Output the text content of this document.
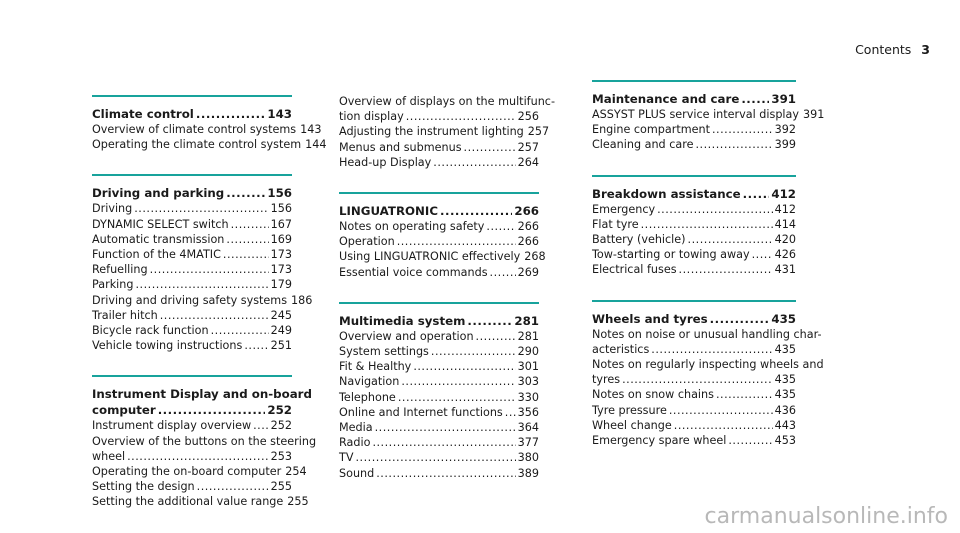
Contents 3
Climate control .....	143
Overview of climate control systems 143
Operating the climate control system 144
Driving and parking .....	156
Driving .....	156
DYNAMIC SELECT switch .....	167
Automatic transmission .....	169
Function of the 4MATIC .....	173
Refuelling .....	173
Parking .....	179
Driving and driving safety systems 186
Trailer hitch .....	245
Bicycle rack function .....	249
Vehicle towing instructions .....	251
Instrument Display and on-board
computer .....	252
Instrument display overview ..... 252
Overview of the buttons on the steering
wheel .....	253
Operating the on-board computer 254
Setting the design .....	255
Setting the additional value range 255
Overview of displays on the multifunc-
tion display .....	256
Adjusting the instrument lighting 257
Menus and submenus .....	257
Head-up Display .....	264
LINGUATRONIC .....	266
Notes on operating safety .....	266
Operation .....	266
Using LINGUATRONIC effectively 268
Essential voice commands .....	269
Multimedia system .....	281
Overview and operation .....	281
System settings .....	290
Fit & Healthy .....	301
Navigation .....	303
Telephone .....	330
Online and Internet functions ..... 356
Media .....	364
Radio .....	377
TV .....	380
Sound .....	389
Maintenance and care .....	391
ASSYST PLUS service interval display 391
Engine compartment .....	392
Cleaning and care .....	399
Breakdown assistance .....	412
Emergency .....	412
Flat tyre .....	414
Battery (vehicle) .....	420
Tow-starting or towing away ..... 426
Electrical fuses .....	431
Wheels and tyres .....	435
Notes on noise or unusual handling char-
acteristics .....	435
Notes on regularly inspecting wheels and
tyres .....	435
Notes on snow chains .....	435
Tyre pressure .....	436
Wheel change .....	443
Emergency spare wheel .....	453
carmanualsonline.info
